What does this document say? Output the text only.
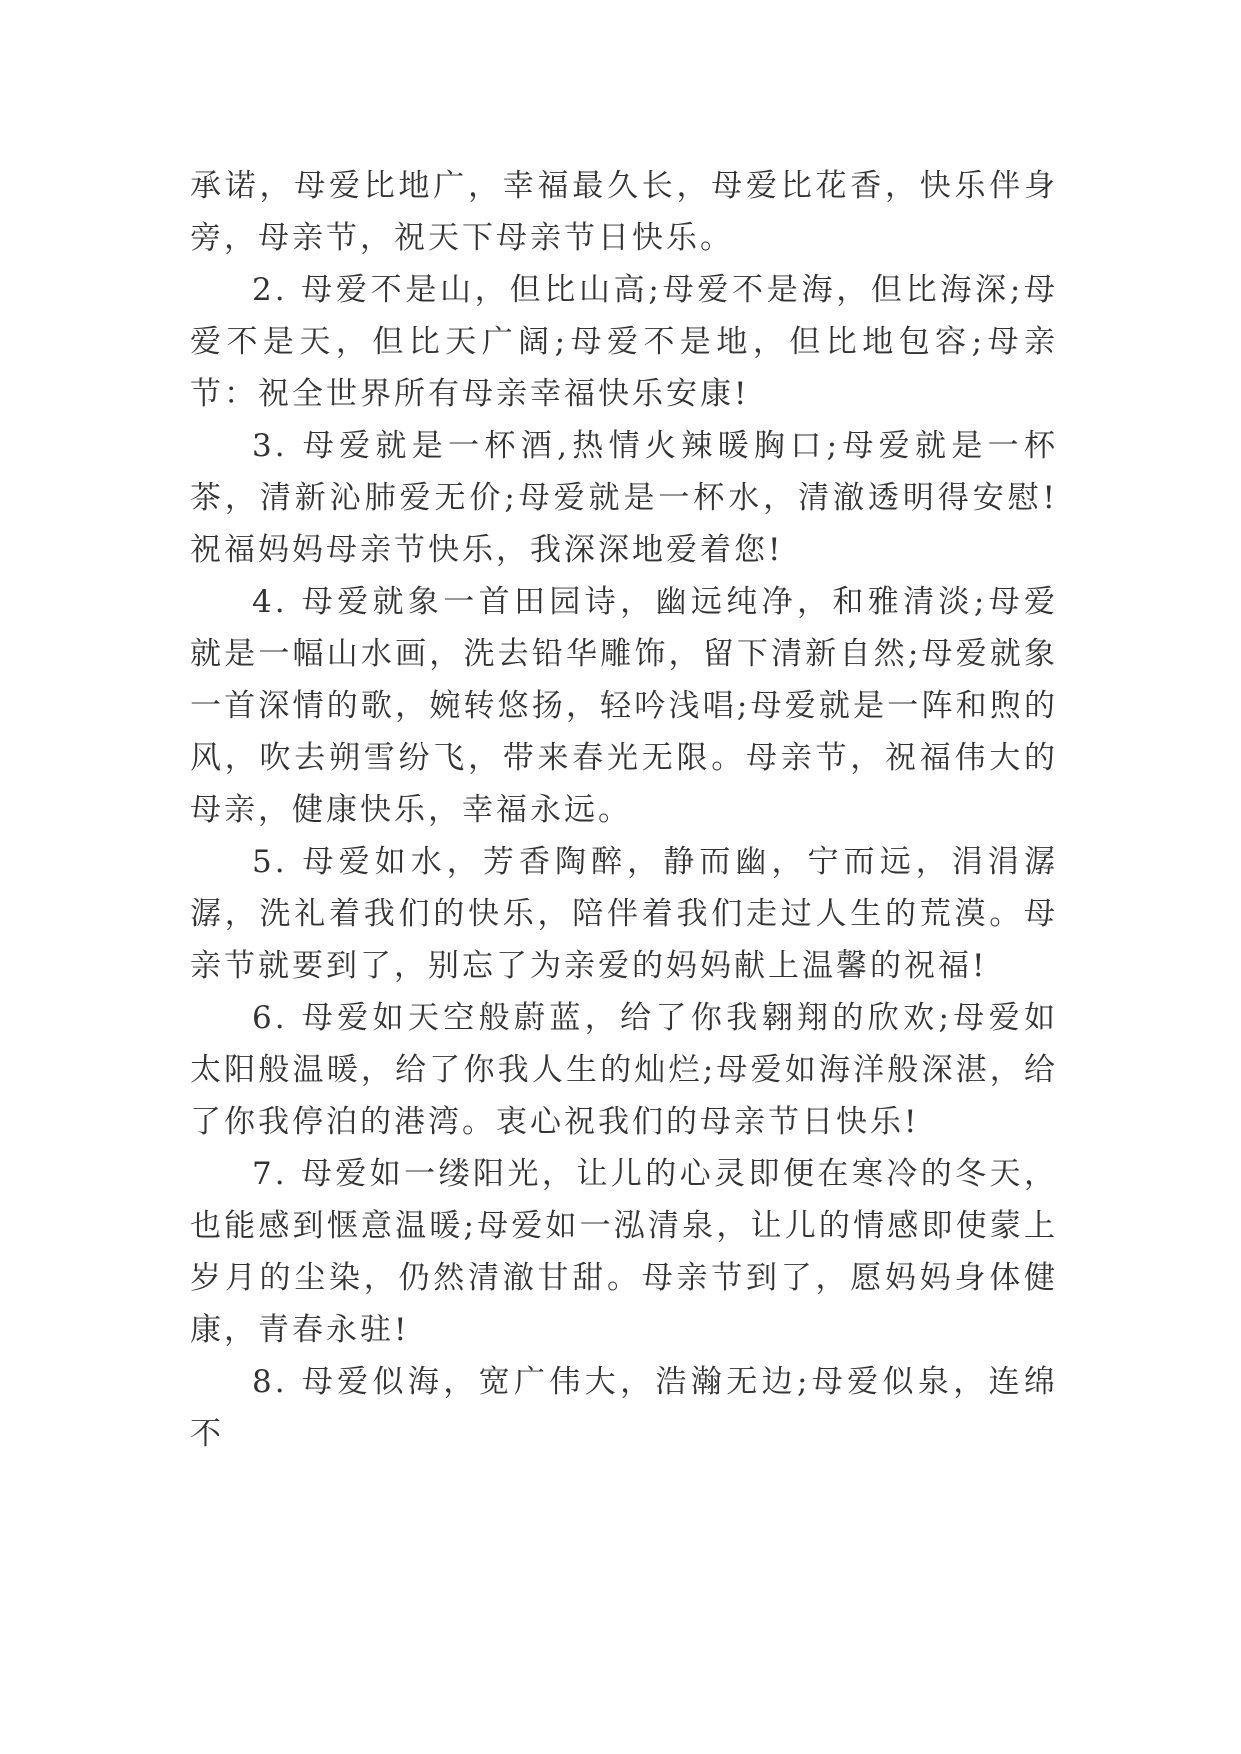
承诺，母爱比地广，幸福最久长，母爱比花香，快乐伴身旁，母亲节，祝天下母亲节日快乐。

2. 母爱不是山，但比山高;母爱不是海，但比海深;母爱不是天，但比天广阔;母爱不是地，但比地包容;母亲节：祝全世界所有母亲幸福快乐安康!

3. 母爱就是一杯酒,热情火辣暖胸口;母爱就是一杯茶，清新沁肺爱无价;母爱就是一杯水，清澈透明得安慰!祝福妈妈母亲节快乐，我深深地爱着您!

4. 母爱就象一首田园诗，幽远纯净，和雅清淡;母爱就是一幅山水画，洗去铅华雕饰，留下清新自然;母爱就象一首深情的歌，婉转悠扬，轻吟浅唱;母爱就是一阵和煦的风，吹去朔雪纷飞，带来春光无限。母亲节，祝福伟大的母亲，健康快乐，幸福永远。

5. 母爱如水，芳香陶醉，静而幽，宁而远，涓涓潺潺，洗礼着我们的快乐，陪伴着我们走过人生的荒漠。母亲节就要到了，别忘了为亲爱的妈妈献上温馨的祝福!

6. 母爱如天空般蔚蓝，给了你我翱翔的欣欢;母爱如太阳般温暖，给了你我人生的灿烂;母爱如海洋般深湛，给了你我停泊的港湾。衷心祝我们的母亲节日快乐!

7. 母爱如一缕阳光，让儿的心灵即便在寒冷的冬天，也能感到惬意温暖;母爱如一泓清泉，让儿的情感即使蒙上岁月的尘染，仍然清澈甘甜。母亲节到了，愿妈妈身体健康，青春永驻!

8. 母爱似海，宽广伟大，浩瀚无边;母爱似泉，连绵不
